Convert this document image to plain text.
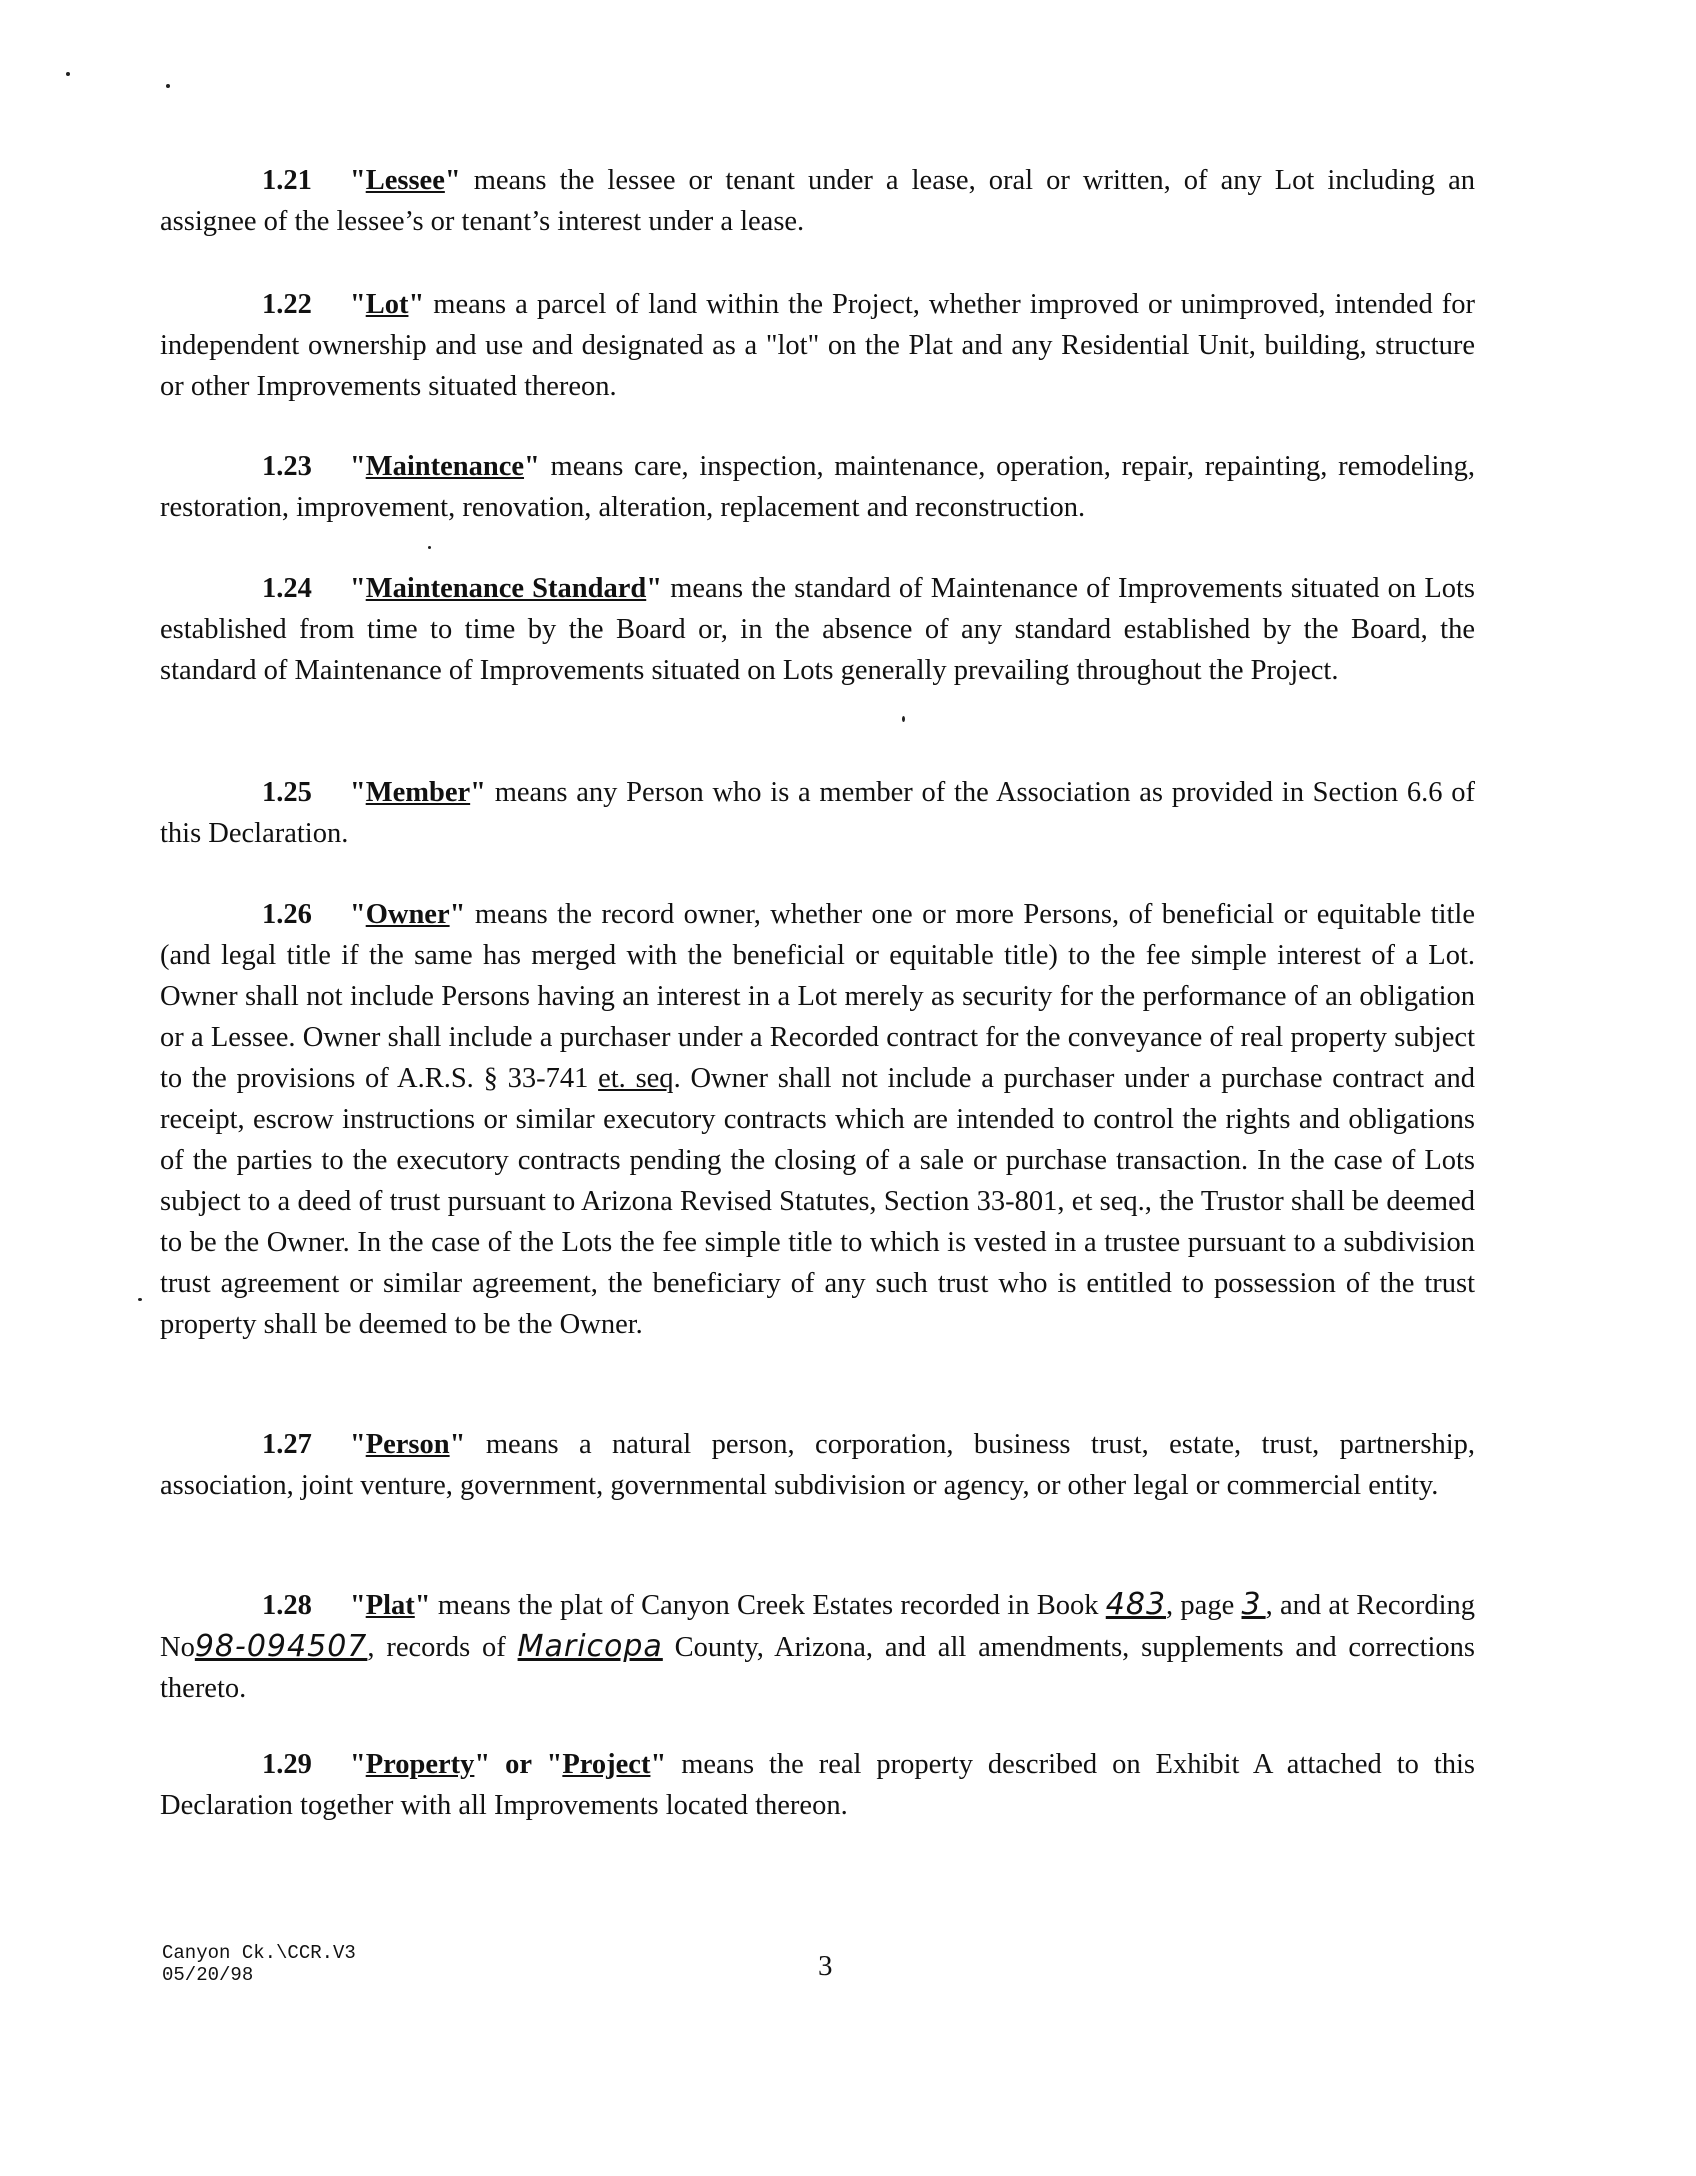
1.21 "Lessee" means the lessee or tenant under a lease, oral or written, of any Lot including an assignee of the lessee’s or tenant’s interest under a lease.

1.22 "Lot" means a parcel of land within the Project, whether improved or unimproved, intended for independent ownership and use and designated as a "lot" on the Plat and any Residential Unit, building, structure or other Improvements situated thereon.

1.23 "Maintenance" means care, inspection, maintenance, operation, repair, repainting, remodeling, restoration, improvement, renovation, alteration, replacement and reconstruction.

1.24 "Maintenance Standard" means the standard of Maintenance of Improvements situated on Lots established from time to time by the Board or, in the absence of any standard established by the Board, the standard of Maintenance of Improvements situated on Lots generally prevailing throughout the Project.

1.25 "Member" means any Person who is a member of the Association as provided in Section 6.6 of this Declaration.

1.26 "Owner" means the record owner, whether one or more Persons, of beneficial or equitable title (and legal title if the same has merged with the beneficial or equitable title) to the fee simple interest of a Lot. Owner shall not include Persons having an interest in a Lot merely as security for the performance of an obligation or a Lessee. Owner shall include a purchaser under a Recorded contract for the conveyance of real property subject to the provisions of A.R.S. § 33-741 et. seq. Owner shall not include a purchaser under a purchase contract and receipt, escrow instructions or similar executory contracts which are intended to control the rights and obligations of the parties to the executory contracts pending the closing of a sale or purchase transaction. In the case of Lots subject to a deed of trust pursuant to Arizona Revised Statutes, Section 33-801, et seq., the Trustor shall be deemed to be the Owner. In the case of the Lots the fee simple title to which is vested in a trustee pursuant to a subdivision trust agreement or similar agreement, the beneficiary of any such trust who is entitled to possession of the trust property shall be deemed to be the Owner.

1.27 "Person" means a natural person, corporation, business trust, estate, trust, partnership, association, joint venture, government, governmental subdivision or agency, or other legal or commercial entity.

1.28 "Plat" means the plat of Canyon Creek Estates recorded in Book 483, page 3, and at Recording No98-094507, records of Maricopa County, Arizona, and all amendments, supplements and corrections thereto.

1.29 "Property" or "Project" means the real property described on Exhibit A attached to this Declaration together with all Improvements located thereon.

Canyon Ck.\CCR.V3
05/20/98	3
